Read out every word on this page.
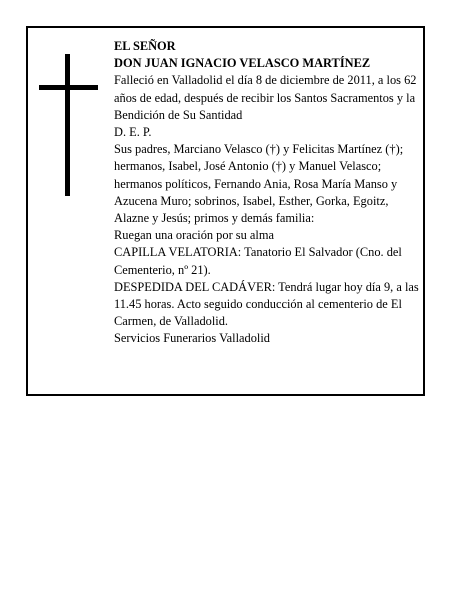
EL SEÑOR

DON JUAN IGNACIO VELASCO MARTÍNEZ

Falleció en Valladolid el día 8 de diciembre de 2011, a los 62 años de edad, después de recibir los Santos Sacramentos y la Bendición de Su Santidad

D. E. P.

Sus padres, Marciano Velasco (†) y Felicitas Martínez (†); hermanos, Isabel, José Antonio (†) y Manuel Velasco; hermanos políticos, Fernando Ania, Rosa María Manso y Azucena Muro; sobrinos, Isabel, Esther, Gorka, Egoitz, Alazne y Jesús; primos y demás familia:

Ruegan una oración por su alma

CAPILLA VELATORIA: Tanatorio El Salvador (Cno. del Cementerio, nº 21).

DESPEDIDA DEL CADÁVER: Tendrá lugar hoy día 9, a las 11.45 horas. Acto seguido conducción al cementerio de El Carmen, de Valladolid.

Servicios Funerarios Valladolid
